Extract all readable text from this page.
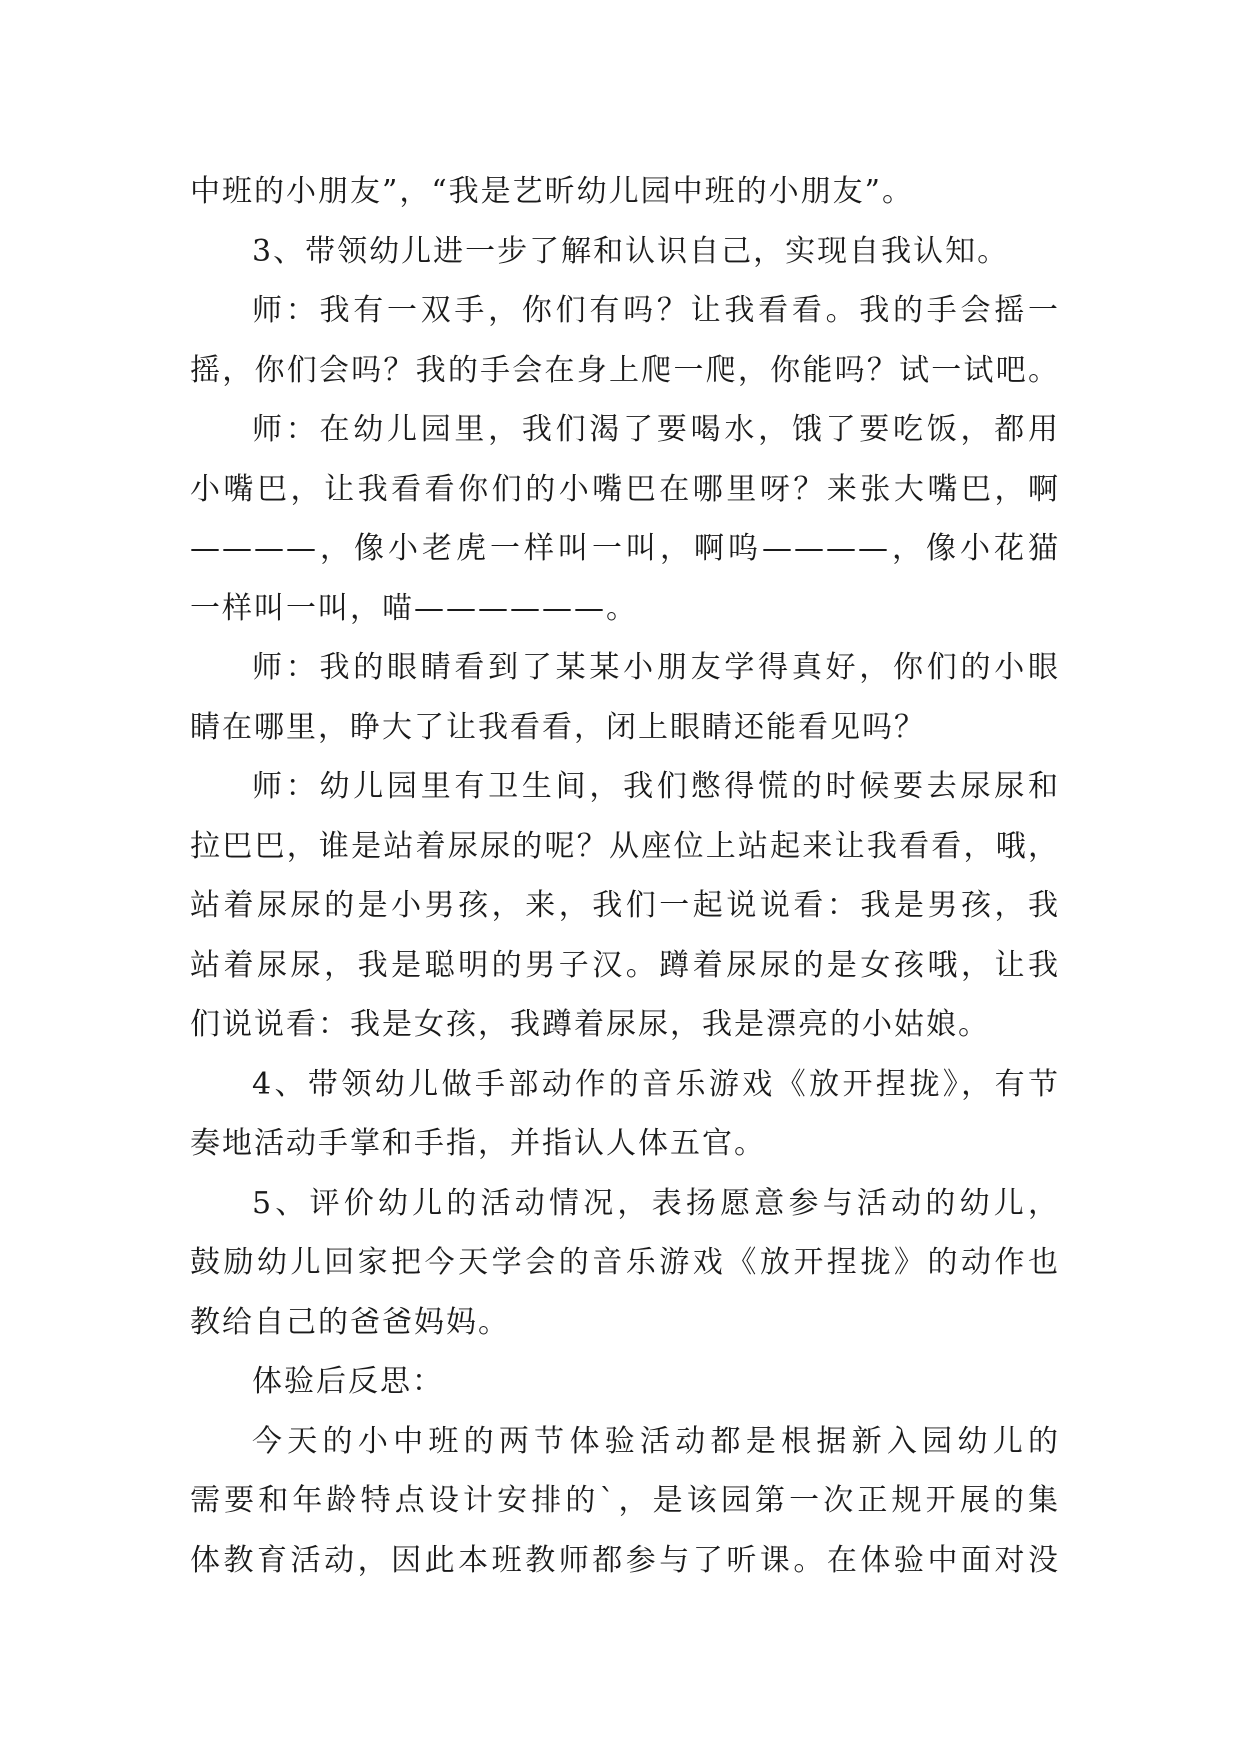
中班的小朋友”，“我是艺昕幼儿园中班的小朋友”。
3、带领幼儿进一步了解和认识自己，实现自我认知。
师：我有一双手，你们有吗？让我看看。我的手会摇一
摇，你们会吗？我的手会在身上爬一爬，你能吗？试一试吧。
师：在幼儿园里，我们渴了要喝水，饿了要吃饭，都用
小嘴巴，让我看看你们的小嘴巴在哪里呀？来张大嘴巴，啊
————，像小老虎一样叫一叫，啊呜————，像小花猫
一样叫一叫，喵——————。
师：我的眼睛看到了某某小朋友学得真好，你们的小眼
睛在哪里，睁大了让我看看，闭上眼睛还能看见吗？
师：幼儿园里有卫生间，我们憋得慌的时候要去尿尿和
拉巴巴，谁是站着尿尿的呢？从座位上站起来让我看看，哦，
站着尿尿的是小男孩，来，我们一起说说看：我是男孩，我
站着尿尿，我是聪明的男子汉。蹲着尿尿的是女孩哦，让我
们说说看：我是女孩，我蹲着尿尿，我是漂亮的小姑娘。
4、带领幼儿做手部动作的音乐游戏《放开捏拢》，有节
奏地活动手掌和手指，并指认人体五官。
5、评价幼儿的活动情况，表扬愿意参与活动的幼儿，
鼓励幼儿回家把今天学会的音乐游戏《放开捏拢》的动作也
教给自己的爸爸妈妈。
体验后反思：
今天的小中班的两节体验活动都是根据新入园幼儿的
需要和年龄特点设计安排的`，是该园第一次正规开展的集
体教育活动，因此本班教师都参与了听课。在体验中面对没
